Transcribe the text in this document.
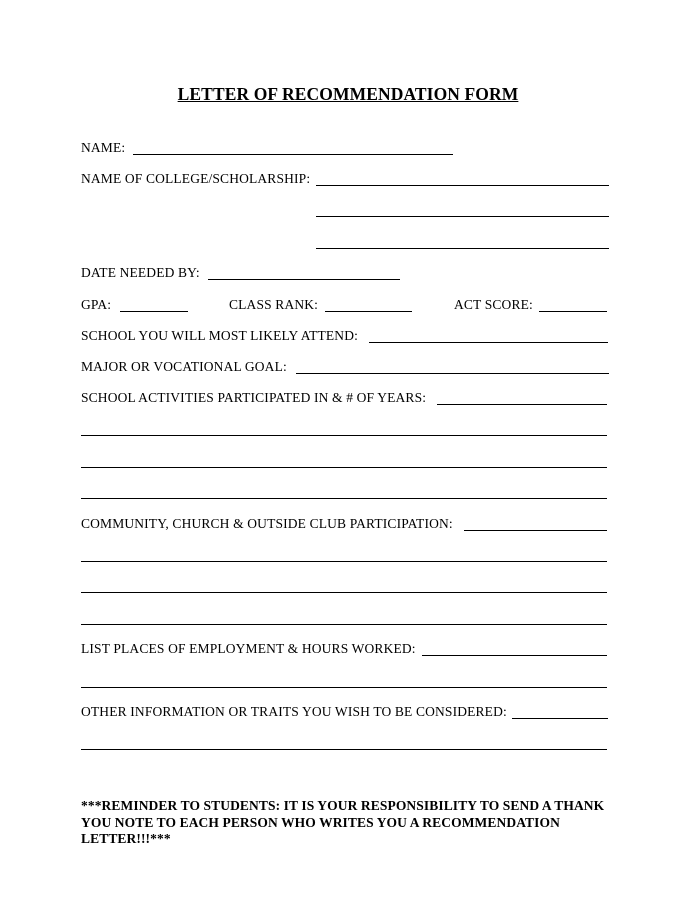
LETTER OF RECOMMENDATION FORM
NAME:
NAME OF COLLEGE/SCHOLARSHIP:
DATE NEEDED BY:
GPA:	CLASS RANK:	ACT SCORE:
SCHOOL YOU WILL MOST LIKELY ATTEND:
MAJOR OR VOCATIONAL GOAL:
SCHOOL ACTIVITIES PARTICIPATED IN & # OF YEARS:
COMMUNITY, CHURCH & OUTSIDE CLUB PARTICIPATION:
LIST PLACES OF EMPLOYMENT & HOURS WORKED:
OTHER INFORMATION OR TRAITS YOU WISH TO BE CONSIDERED:
***REMINDER TO STUDENTS: IT IS YOUR RESPONSIBILITY TO SEND A THANK YOU NOTE TO EACH PERSON WHO WRITES YOU A RECOMMENDATION LETTER!!!***
